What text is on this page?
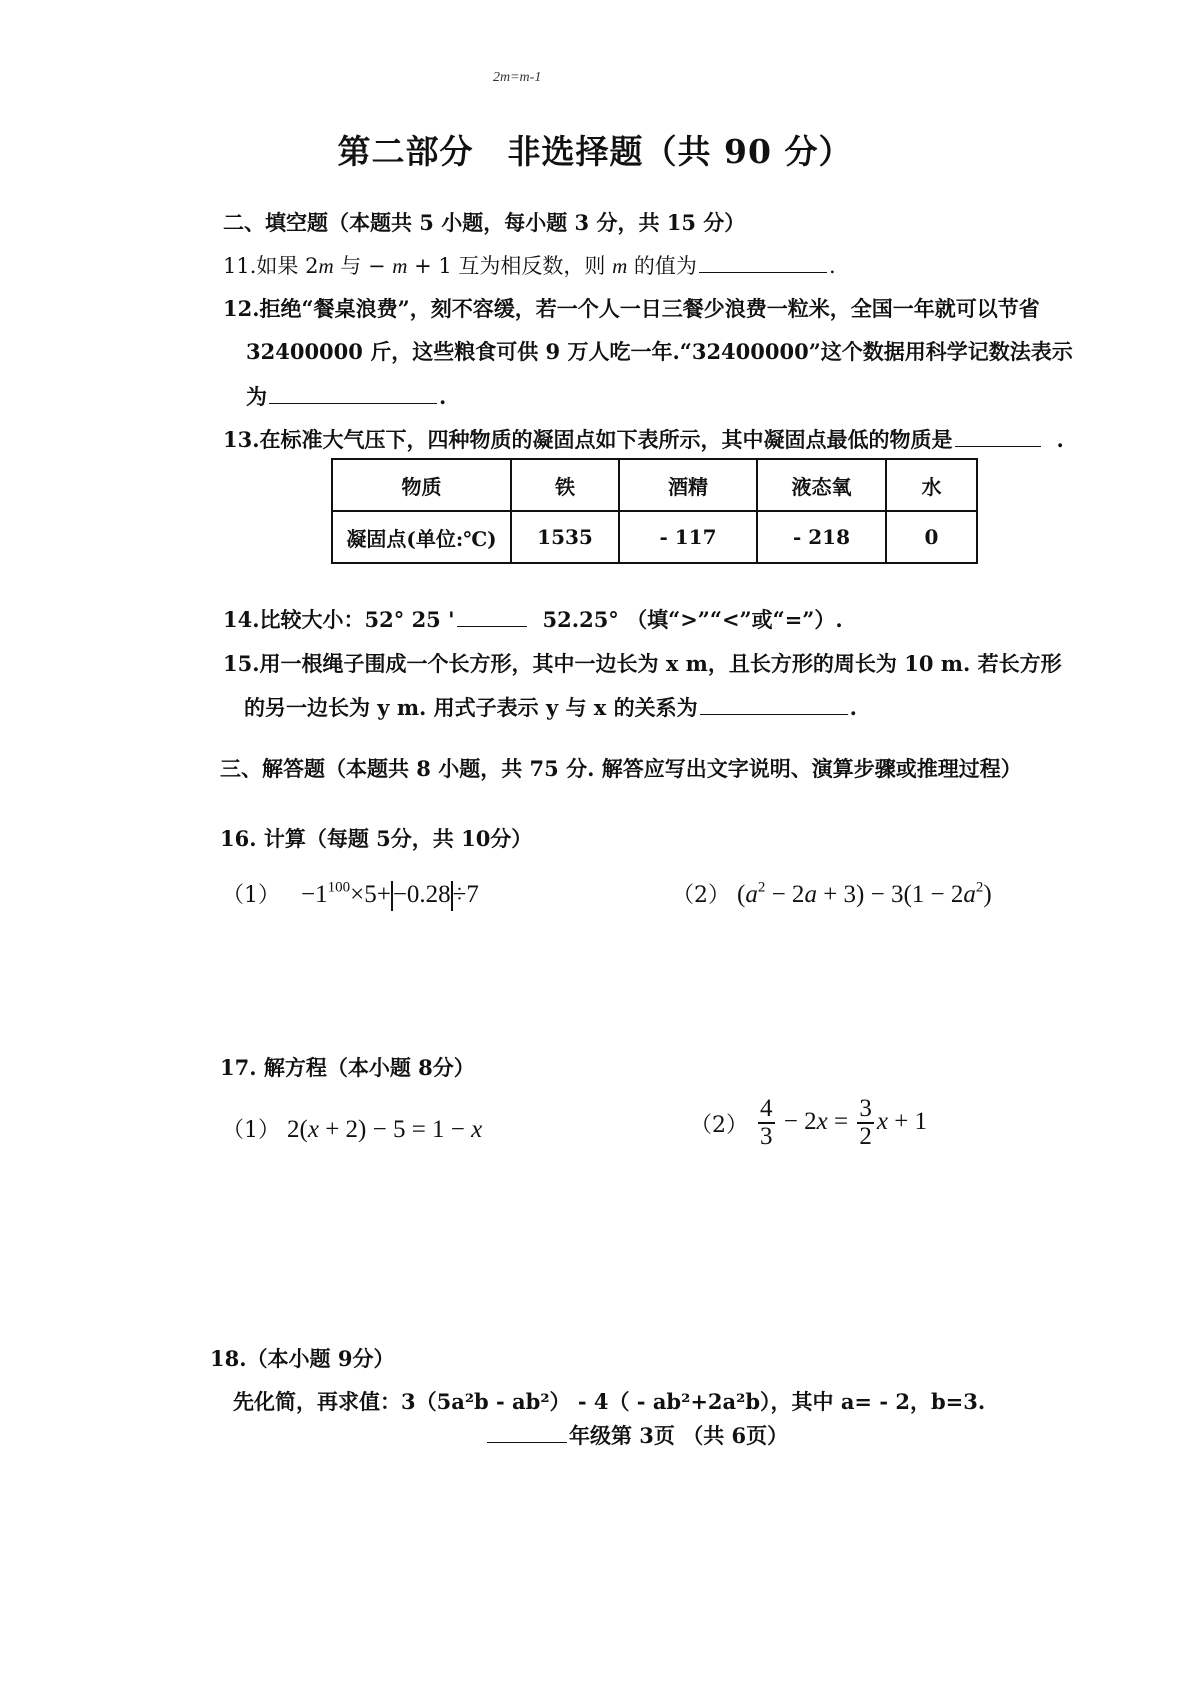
2m=m-1
第二部分 非选择题（共 90 分）
二、填空题（本题共 5 小题，每小题 3 分，共 15 分）
11.如果 2m 与 − m + 1 互为相反数，则 m 的值为	.
12.拒绝“餐桌浪费”，刻不容缓，若一个人一日三餐少浪费一粒米，全国一年就可以节省
32400000 斤，这些粮食可供 9 万人吃一年.“32400000”这个数据用科学记数法表示
为	.
13.在标准大气压下，四种物质的凝固点如下表所示，其中凝固点最低的物质是	.
物质	铁	酒精	液态氧	水
凝固点(单位:℃)	1535	- 117	- 218	0
14.比较大小：52° 25 '	52.25° （填“>”“<”或“=”）.
15.用一根绳子围成一个长方形，其中一边长为 x m，且长方形的周长为 10 m. 若长方形
的另一边长为 y m. 用式子表示 y 与 x 的关系为	.
三、解答题（本题共 8 小题，共 75 分. 解答应写出文字说明、演算步骤或推理过程）
16. 计算（每题 5分，共 10分）
$(1) -1^{100}\times 5+-0.28\div 7$	（2） $(a^2 - 2a + 3) - 3(1 - 2a^2)$
17. 解方程（本小题 8分）
（1） 2(x + 2) − 5 = 1 − x	$(2) \frac{4}{3} - 2x = \frac{3}{2}$ x + 1
18.（本小题 9分）
先化简，再求值：3（5a²b - ab²） - 4（ - ab²+2a²b），其中 a= - 2，b=3.
年级第 3页 （共 6页）
